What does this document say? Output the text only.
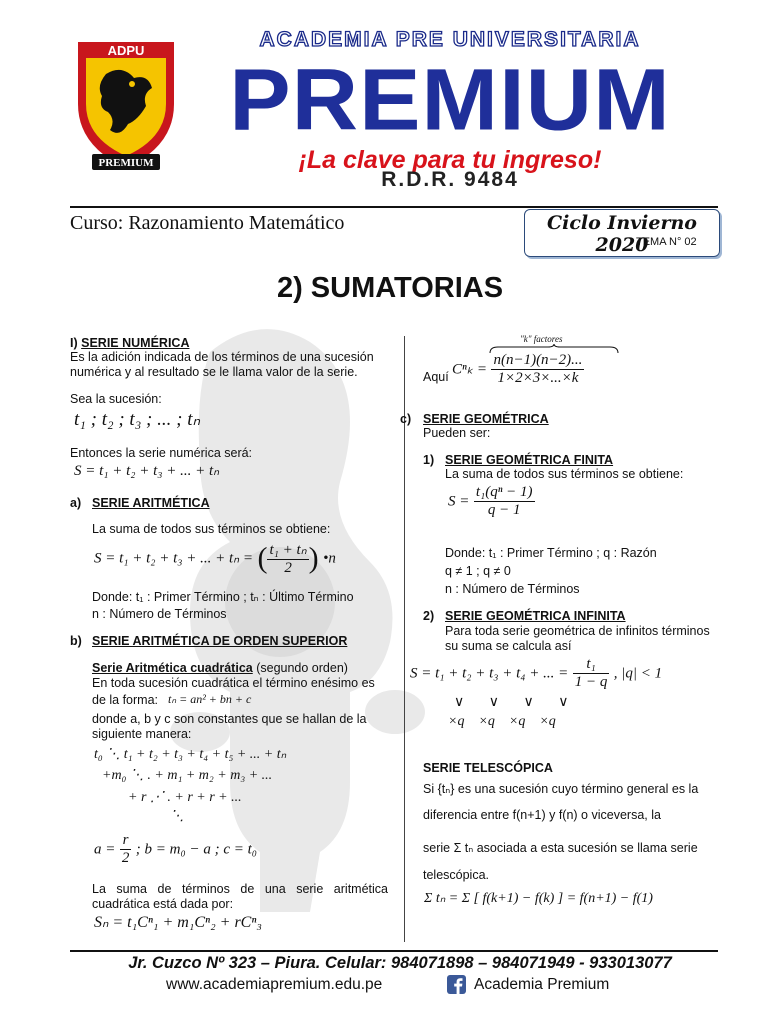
ADPU
PREMIUM
ACADEMIA PRE UNIVERSITARIA
PREMIUM
¡La clave para tu ingreso!
R.D.R. 9484
Curso: Razonamiento Matemático	Ciclo Invierno 2020
TEMA N° 02
2) SUMATORIAS
I) SERIE NUMÉRICA
Es la adición indicada de los términos de una sucesión numérica y al resultado se le llama valor de la serie.
Sea la sucesión:
t₁ ; t₂ ; t₃ ; ... ; tₙ
Entonces la serie numérica será:
S = t₁ + t₂ + t₃ + ... + tₙ
a) SERIE ARITMÉTICA
La suma de todos sus términos se obtiene:
S = t₁ + t₂ + t₃ + ... + tₙ = ( $\frac{\text{t₁ + tₙ}}{2}$ ) •n
Donde: t₁ : Primer Término ; tₙ : Último Término
n : Número de Términos
b) SERIE ARITMÉTICA DE ORDEN SUPERIOR
Serie Aritmética cuadrática (segundo orden)
En toda sucesión cuadrática el término enésimo es
de la forma: tₙ = an² + bn + c
donde a, b y c son constantes que se hallan de la
siguiente manera:
t₀ ⋱ t₁ + t₂ + t₃ + t₄ + t₅ + ... + tₙ
+m₀ ⋱ . + m₁ + m₂ + m₃ + ...
+ r ⋰ . + r + r + ...
⋱
$a = \frac{r}{2}$ ; b = m₀ − a ; c = t₀
La suma de términos de una serie aritmética cuadrática está dada por:
Sₙ = t₁Cⁿ₁ + m₁Cⁿ₂ + rCⁿ₃
"k" factores
Aquí $C^n_k = \frac{n(n-1)(n-2)...}{1\times 2\times 3\times...\times k}$
c) SERIE GEOMÉTRICA
Pueden ser:
1) SERIE GEOMÉTRICA FINITA
La suma de todos sus términos se obtiene:
$S = \frac{\text{t₁(qⁿ − 1)}}{q - 1}$
Donde: t₁ : Primer Término ; q : Razón
q ≠ 1 ; q ≠ 0
n : Número de Términos
2) SERIE GEOMÉTRICA INFINITA
Para toda serie geométrica de infinitos términos su suma se calcula así
S = t₁ + t₂ + t₃ + t₄ + ... = $\frac{\text{t₁}}{1 - q}$ , |q| < 1
∨       ∨       ∨       ∨
×q    ×q    ×q    ×q
SERIE TELESCÓPICA
Si {tₙ} es una sucesión cuyo término general es la
diferencia entre f(n+1) y f(n) o viceversa, la
serie Σ tₙ asociada a esta sucesión se llama serie
telescópica.
Σ tₙ = Σ [ f(k+1) − f(k) ] = f(n+1) − f(1)
Jr. Cuzco Nº 323 – Piura. Celular: 984071898 – 984071949 - 933013077
www.academiapremium.edu.pe	Academia Premium
